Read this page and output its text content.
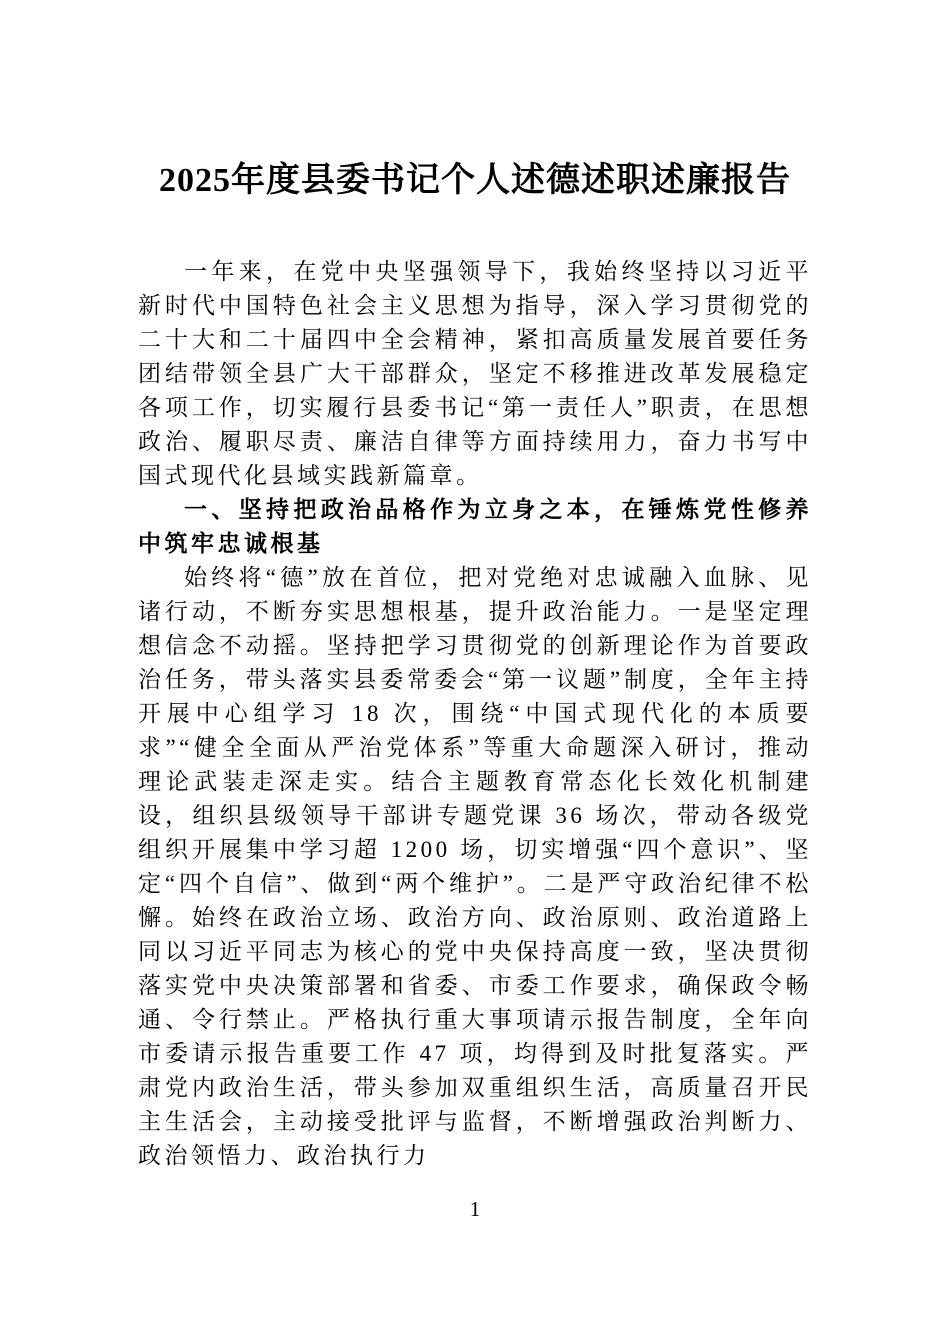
2025年度县委书记个人述德述职述廉报告

一年来，在党中央坚强领导下，我始终坚持以习近平新时代中国特色社会主义思想为指导，深入学习贯彻党的二十大和二十届四中全会精神，紧扣高质量发展首要任务团结带领全县广大干部群众，坚定不移推进改革发展稳定各项工作，切实履行县委书记“第一责任人”职责，在思想政治、履职尽责、廉洁自律等方面持续用力，奋力书写中国式现代化县域实践新篇章。

一、坚持把政治品格作为立身之本，在锤炼党性修养中筑牢忠诚根基

始终将“德”放在首位，把对党绝对忠诚融入血脉、见诸行动，不断夯实思想根基，提升政治能力。一是坚定理想信念不动摇。坚持把学习贯彻党的创新理论作为首要政治任务，带头落实县委常委会“第一议题”制度，全年主持开展中心组学习 18 次，围绕“中国式现代化的本质要求”“健全全面从严治党体系”等重大命题深入研讨，推动理论武装走深走实。结合主题教育常态化长效化机制建设，组织县级领导干部讲专题党课 36 场次，带动各级党组织开展集中学习超 1200 场，切实增强“四个意识”、坚定“四个自信”、做到“两个维护”。二是严守政治纪律不松懈。始终在政治立场、政治方向、政治原则、政治道路上同以习近平同志为核心的党中央保持高度一致，坚决贯彻落实党中央决策部署和省委、市委工作要求，确保政令畅通、令行禁止。严格执行重大事项请示报告制度，全年向市委请示报告重要工作 47 项，均得到及时批复落实。严肃党内政治生活，带头参加双重组织生活，高质量召开民主生活会，主动接受批评与监督，不断增强政治判断力、政治领悟力、政治执行力

1
